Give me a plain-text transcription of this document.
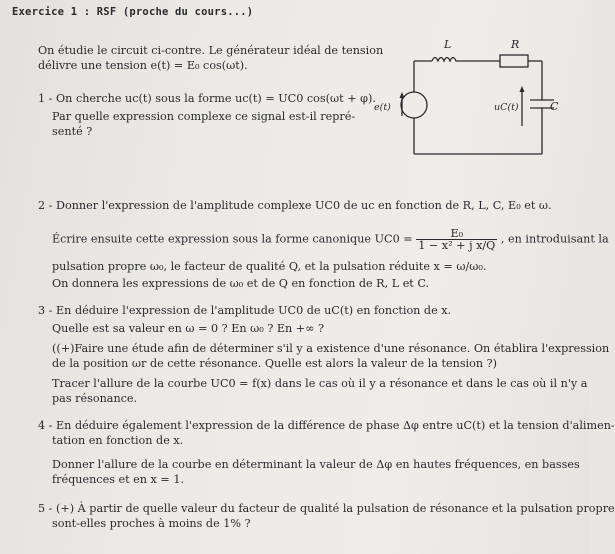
Exercice 1 : RSF (proche du cours...)
On étudie le circuit ci-contre. Le générateur idéal de tension
délivre une tension e(t) = E₀ cos(ωt).
1 - On cherche uc(t) sous la forme uc(t) = UC0 cos(ωt + φ).
Par quelle expression complexe ce signal est-il repré-
senté ?
L	R
e(t)	uC(t)	C
2 - Donner l'expression de l'amplitude complexe UC0 de uc en fonction de R, L, C, E₀ et ω.
Écrire ensuite cette expression sous la forme canonique $UC0 = \frac{\text{E₀}}{\text{1 − x² + j x/Q}}$ , en introduisant la
pulsation propre ω₀, le facteur de qualité Q, et la pulsation réduite x = ω/ω₀.
On donnera les expressions de ω₀ et de Q en fonction de R, L et C.
3 - En déduire l'expression de l'amplitude UC0 de uC(t) en fonction de x.
Quelle est sa valeur en ω = 0 ? En ω₀ ? En +∞ ?
((+)Faire une étude afin de déterminer s'il y a existence d'une résonance. On établira l'expression
de la position ωr de cette résonance. Quelle est alors la valeur de la tension ?)
Tracer l'allure de la courbe UC0 = f(x) dans le cas où il y a résonance et dans le cas où il n'y a
pas résonance.
4 - En déduire également l'expression de la différence de phase Δφ entre uC(t) et la tension d'alimen-
tation en fonction de x.
Donner l'allure de la courbe en déterminant la valeur de Δφ en hautes fréquences, en basses
fréquences et en x = 1.
5 - (+) À partir de quelle valeur du facteur de qualité la pulsation de résonance et la pulsation propre
sont-elles proches à moins de 1% ?
